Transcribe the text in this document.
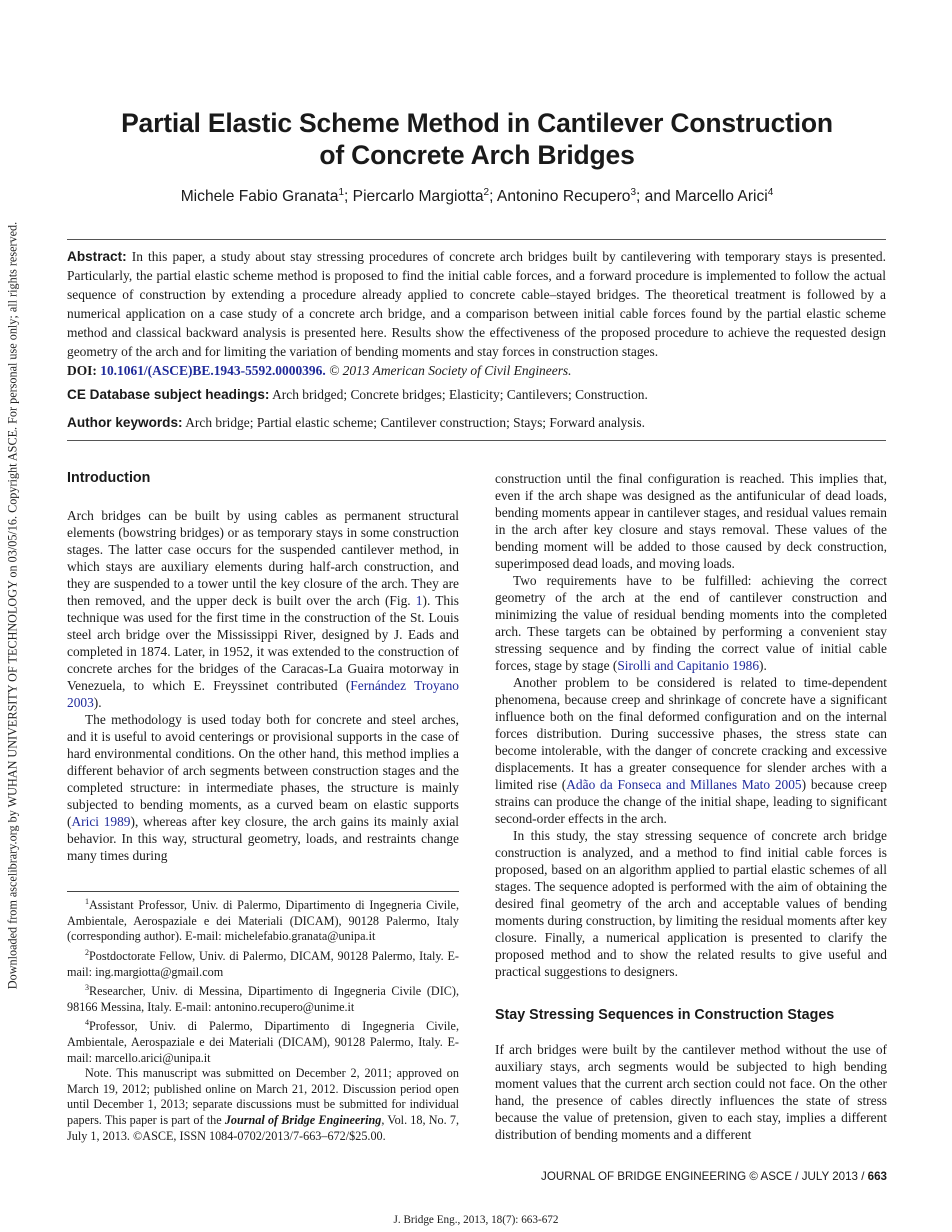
Downloaded from ascelibrary.org by WUHAN UNIVERSITY OF TECHNOLOGY on 03/05/16. Copyright ASCE. For personal use only; all rights reserved.
Partial Elastic Scheme Method in Cantilever Construction
of Concrete Arch Bridges
Michele Fabio Granata$^1$; Piercarlo Margiotta$^2$; Antonino Recupero$^3$; and Marcello Arici$^4$
Abstract: In this paper, a study about stay stressing procedures of concrete arch bridges built by cantilevering with temporary stays is presented. Particularly, the partial elastic scheme method is proposed to find the initial cable forces, and a forward procedure is implemented to follow the actual sequence of construction by extending a procedure already applied to concrete cable–stayed bridges. The theoretical treatment is followed by a numerical application on a case study of a concrete arch bridge, and a comparison between initial cable forces found by the partial elastic scheme method and classical backward analysis is presented here. Results show the effectiveness of the proposed procedure to achieve the requested design geometry of the arch and for limiting the variation of bending moments and stay forces in construction stages.
DOI: 10.1061/(ASCE)BE.1943-5592.0000396. © 2013 American Society of Civil Engineers.
CE Database subject headings: Arch bridged; Concrete bridges; Elasticity; Cantilevers; Construction.
Author keywords: Arch bridge; Partial elastic scheme; Cantilever construction; Stays; Forward analysis.
Introduction

Arch bridges can be built by using cables as permanent structural elements (bowstring bridges) or as temporary stays in some construction stages. The latter case occurs for the suspended cantilever method, in which stays are auxiliary elements during half-arch construction, and they are suspended to a tower until the key closure of the arch. They are then removed, and the upper deck is built over the arch (Fig. 1). This technique was used for the first time in the construction of the St. Louis steel arch bridge over the Mississippi River, designed by J. Eads and completed in 1874. Later, in 1952, it was extended to the construction of concrete arches for the bridges of the Caracas-La Guaira motorway in Venezuela, to which E. Freyssinet contributed (Fernández Troyano 2003).

The methodology is used today both for concrete and steel arches, and it is useful to avoid centerings or provisional supports in the case of hard environmental conditions. On the other hand, this method implies a different behavior of arch segments between construction stages and the completed structure: in intermediate phases, the structure is mainly subjected to bending moments, as a curved beam on elastic supports (Arici 1989), whereas after key closure, the arch gains its mainly axial behavior. In this way, structural geometry, loads, and restraints change many times during

$^1$Assistant Professor, Univ. di Palermo, Dipartimento di Ingegneria Civile, Ambientale, Aerospaziale e dei Materiali (DICAM), 90128 Palermo, Italy (corresponding author). E-mail: michelefabio.granata@unipa.it

$^2$Postdoctorate Fellow, Univ. di Palermo, DICAM, 90128 Palermo, Italy. E-mail: ing.margiotta@gmail.com

$^3$Researcher, Univ. di Messina, Dipartimento di Ingegneria Civile (DIC), 98166 Messina, Italy. E-mail: antonino.recupero@unime.it

$^4$Professor, Univ. di Palermo, Dipartimento di Ingegneria Civile, Ambientale, Aerospaziale e dei Materiali (DICAM), 90128 Palermo, Italy. E-mail: marcello.arici@unipa.it

Note. This manuscript was submitted on December 2, 2011; approved on March 19, 2012; published online on March 21, 2012. Discussion period open until December 1, 2013; separate discussions must be submitted for individual papers. This paper is part of the Journal of Bridge Engineering, Vol. 18, No. 7, July 1, 2013. ©ASCE, ISSN 1084-0702/2013/7-663–672/$25.00.

construction until the final configuration is reached. This implies that, even if the arch shape was designed as the antifunicular of dead loads, bending moments appear in cantilever stages, and residual values remain in the arch after key closure and stays removal. These values of the bending moment will be added to those caused by deck construction, superimposed dead loads, and moving loads.

Two requirements have to be fulfilled: achieving the correct geometry of the arch at the end of cantilever construction and minimizing the value of residual bending moments into the completed arch. These targets can be obtained by performing a convenient stay stressing sequence and by finding the correct value of initial cable forces, stage by stage (Sirolli and Capitanio 1986).

Another problem to be considered is related to time-dependent phenomena, because creep and shrinkage of concrete have a significant influence both on the final deformed configuration and on the internal forces distribution. During successive phases, the stress state can become intolerable, with the danger of concrete cracking and excessive displacements. It has a greater consequence for slender arches with a limited rise (Adão da Fonseca and Millanes Mato 2005) because creep strains can produce the change of the initial shape, leading to significant second-order effects in the arch.

In this study, the stay stressing sequence of concrete arch bridge construction is analyzed, and a method to find initial cable forces is proposed, based on an algorithm applied to partial elastic schemes of all stages. The sequence adopted is performed with the aim of obtaining the desired final geometry of the arch and acceptable values of bending moments during construction, by limiting the residual moments after key closure. Finally, a numerical application is presented to clarify the proposed method and to show the related results to give useful and practical suggestions to designers.

Stay Stressing Sequences in Construction Stages

If arch bridges were built by the cantilever method without the use of auxiliary stays, arch segments would be subjected to high bending moment values that the current arch section could not face. On the other hand, the presence of cables directly influences the state of stress because the value of pretension, given to each stay, implies a different distribution of bending moments and a different

JOURNAL OF BRIDGE ENGINEERING © ASCE / JULY 2013 / 663
J. Bridge Eng., 2013, 18(7): 663-672
